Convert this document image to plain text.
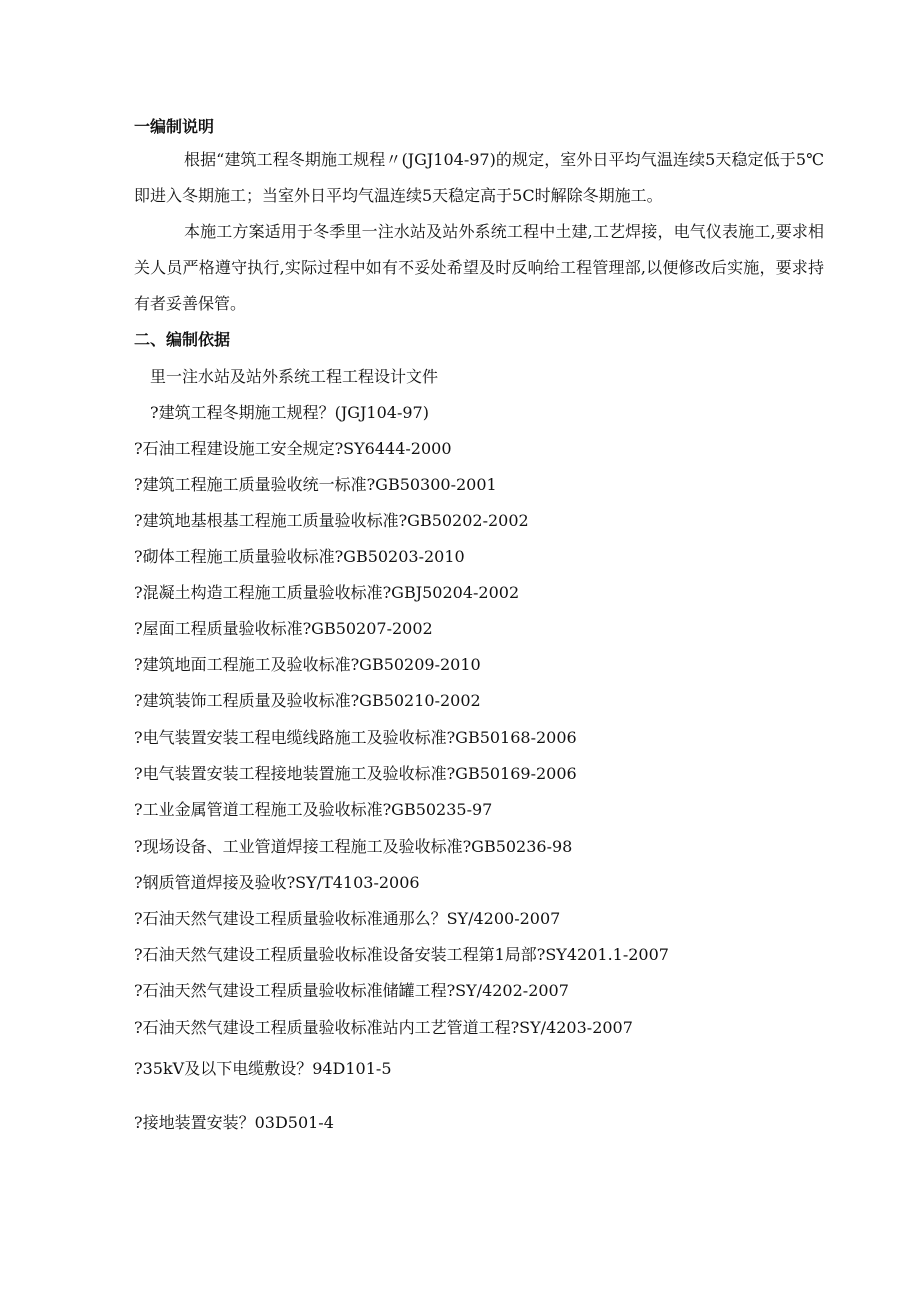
一编制说明

根据“建筑工程冬期施工规程〃(JGJ104-97)的规定，室外日平均气温连续5天稳定低于5℃即进入冬期施工；当室外日平均气温连续5天稳定高于5C时解除冬期施工。

本施工方案适用于冬季里一注水站及站外系统工程中土建,工艺焊接，电气仪表施工,要求相关人员严格遵守执行,实际过程中如有不妥处希望及时反响给工程管理部,以便修改后实施，要求持有者妥善保管。

二、编制依据
里一注水站及站外系统工程工程设计文件
?建筑工程冬期施工规程？(JGJ104-97)
?石油工程建设施工安全规定?SY6444-2000
?建筑工程施工质量验收统一标准?GB50300-2001
?建筑地基根基工程施工质量验收标准?GB50202-2002
?砌体工程施工质量验收标准?GB50203-2010
?混凝土构造工程施工质量验收标准?GBJ50204-2002
?屋面工程质量验收标准?GB50207-2002
?建筑地面工程施工及验收标准?GB50209-2010
?建筑装饰工程质量及验收标准?GB50210-2002
?电气装置安装工程电缆线路施工及验收标准?GB50168-2006
?电气装置安装工程接地装置施工及验收标准?GB50169-2006
?工业金属管道工程施工及验收标准?GB50235-97
?现场设备、工业管道焊接工程施工及验收标准?GB50236-98
?钢质管道焊接及验收?SY/T4103-2006
?石油天然气建设工程质量验收标准通那么？SY/4200-2007
?石油天然气建设工程质量验收标准设备安装工程第1局部?SY4201.1-2007
?石油天然气建设工程质量验收标准储罐工程?SY/4202-2007
?石油天然气建设工程质量验收标准站内工艺管道工程?SY/4203-2007
?35kV及以下电缆敷设？94D101-5
?接地装置安装？03D501-4
